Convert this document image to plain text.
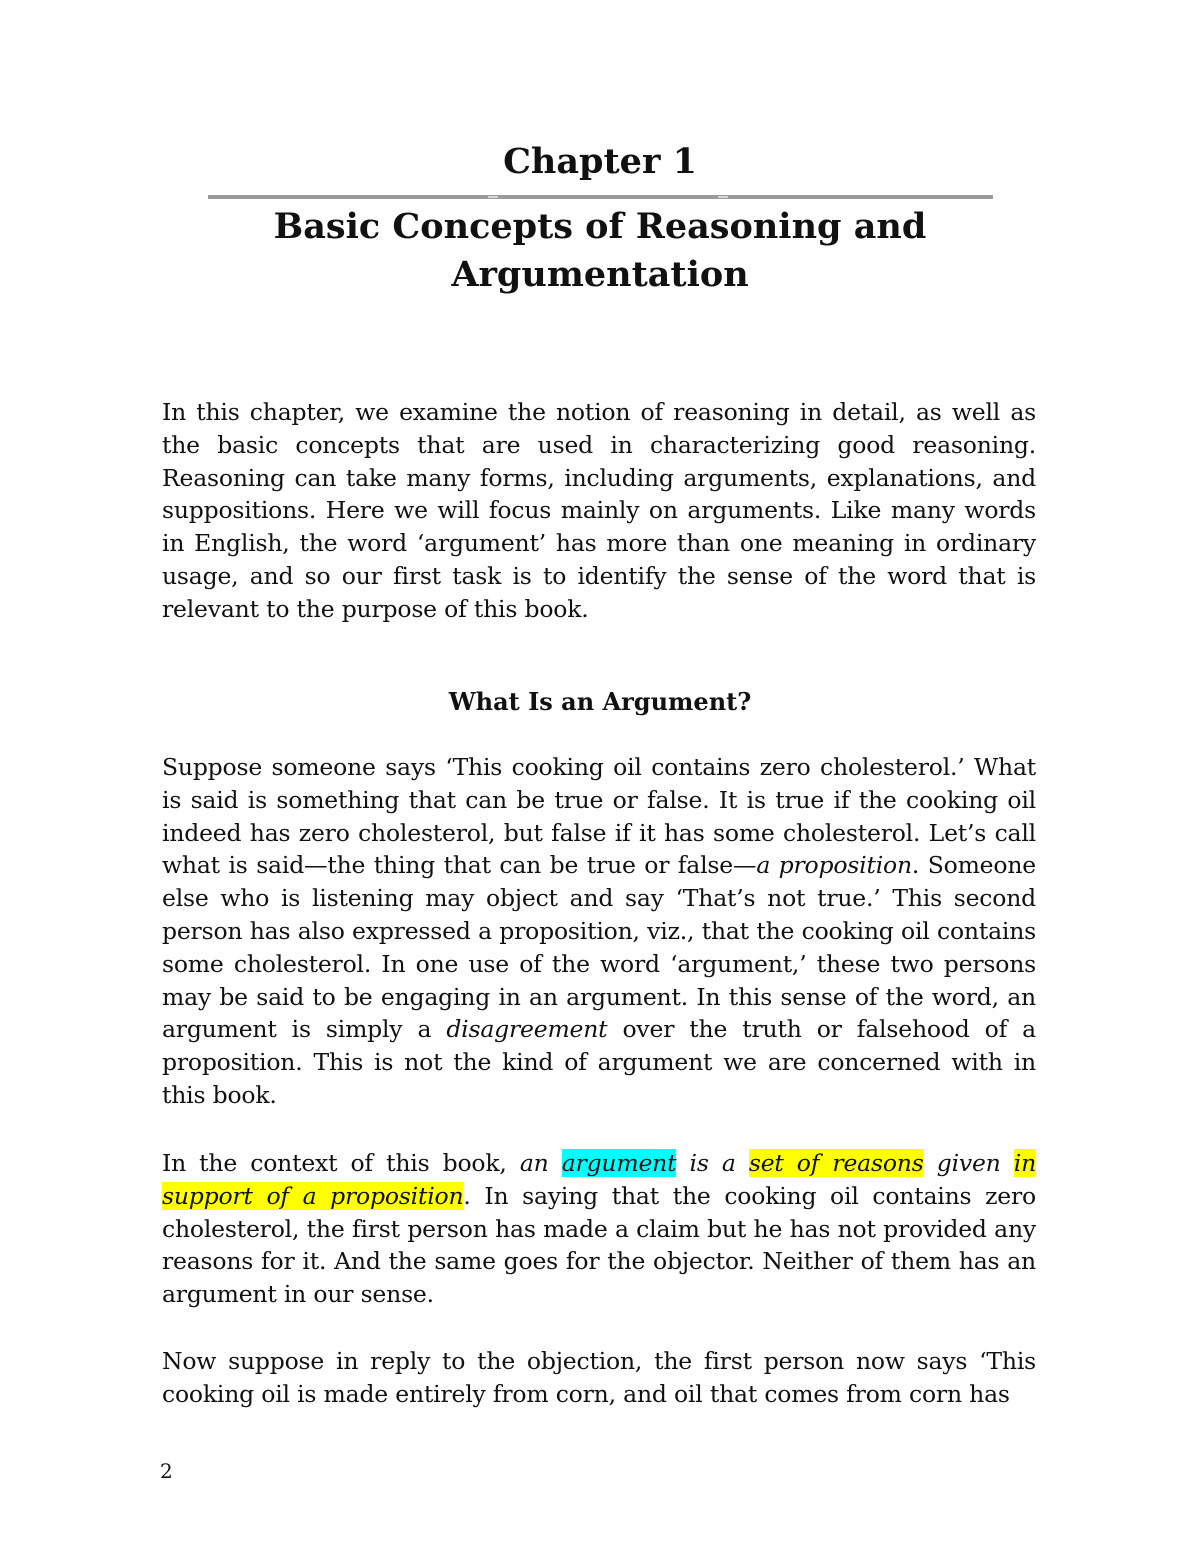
Chapter 1
Basic Concepts of Reasoning and
Argumentation

In this chapter, we examine the notion of reasoning in detail, as well as the basic concepts that are used in characterizing good reasoning. Reasoning can take many forms, including arguments, explanations, and suppositions. Here we will focus mainly on arguments. Like many words in English, the word ‘argument’ has more than one meaning in ordinary usage, and so our first task is to identify the sense of the word that is relevant to the purpose of this book.

What Is an Argument?

Suppose someone says ‘This cooking oil contains zero cholesterol.’ What is said is something that can be true or false. It is true if the cooking oil indeed has zero cholesterol, but false if it has some cholesterol. Let’s call what is said—the thing that can be true or false—a proposition. Someone else who is listening may object and say ‘That’s not true.’ This second person has also expressed a proposition, viz., that the cooking oil contains some cholesterol. In one use of the word ‘argument,’ these two persons may be said to be engaging in an argument. In this sense of the word, an argument is simply a disagreement over the truth or falsehood of a proposition. This is not the kind of argument we are concerned with in this book.

In the context of this book, an argument is a set of reasons given in support of a proposition. In saying that the cooking oil contains zero cholesterol, the first person has made a claim but he has not provided any reasons for it. And the same goes for the objector. Neither of them has an argument in our sense.

Now suppose in reply to the objection, the first person now says ‘This cooking oil is made entirely from corn, and oil that comes from corn has

2
